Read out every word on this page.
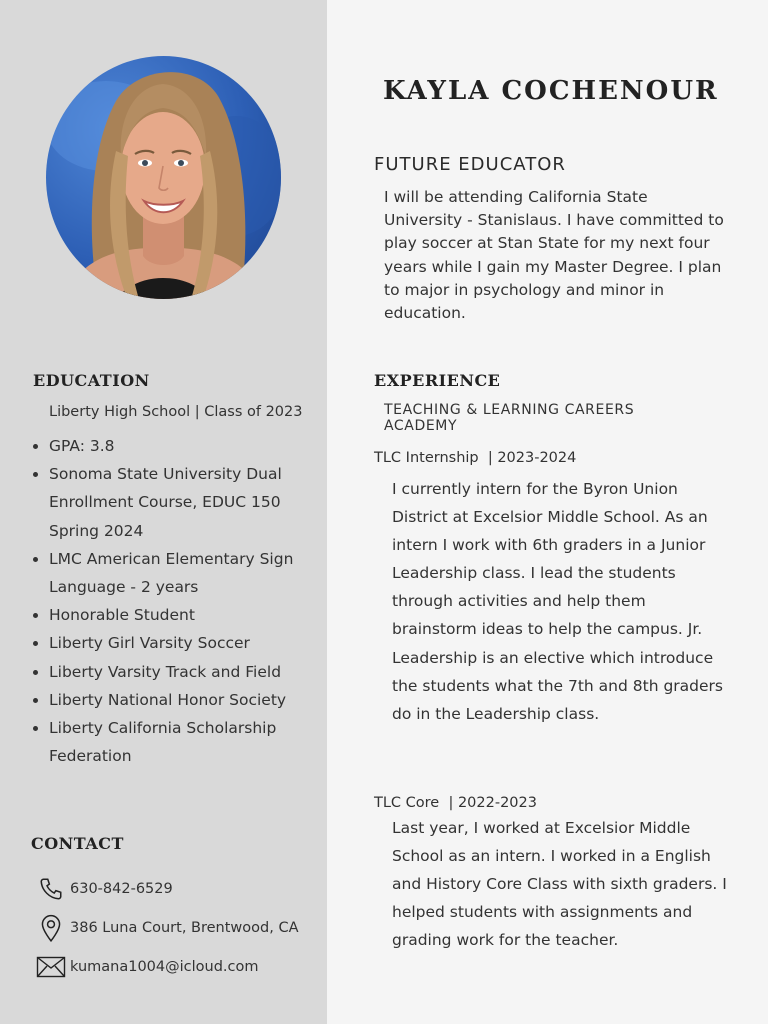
KAYLA COCHENOUR
FUTURE EDUCATOR
I will be attending California State University - Stanislaus. I have committed to play soccer at Stan State for my next four years while I gain my Master Degree. I plan to major in psychology and minor in education.
EDUCATION
Liberty High School | Class of 2023
• GPA: 3.8
• Sonoma State University Dual Enrollment Course, EDUC 150 Spring 2024
• LMC American Elementary Sign Language - 2 years
• Honorable Student
• Liberty Girl Varsity Soccer
• Liberty Varsity Track and Field
• Liberty National Honor Society
• Liberty California Scholarship Federation
CONTACT
630-842-6529
386 Luna Court, Brentwood, CA
kumana1004@icloud.com
EXPERIENCE
TEACHING & LEARNING CAREERS ACADEMY
TLC Internship  | 2023-2024
I currently intern for the Byron Union District at Excelsior Middle School. As an intern I work with 6th graders in a Junior Leadership class. I lead the students through activities and help them brainstorm ideas to help the campus. Jr. Leadership is an elective which introduce the students what the 7th and 8th graders do in the Leadership class.
TLC Core  | 2022-2023
Last year, I worked at Excelsior Middle School as an intern. I worked in a English and History Core Class with sixth graders. I helped students with assignments and grading work for the teacher.
